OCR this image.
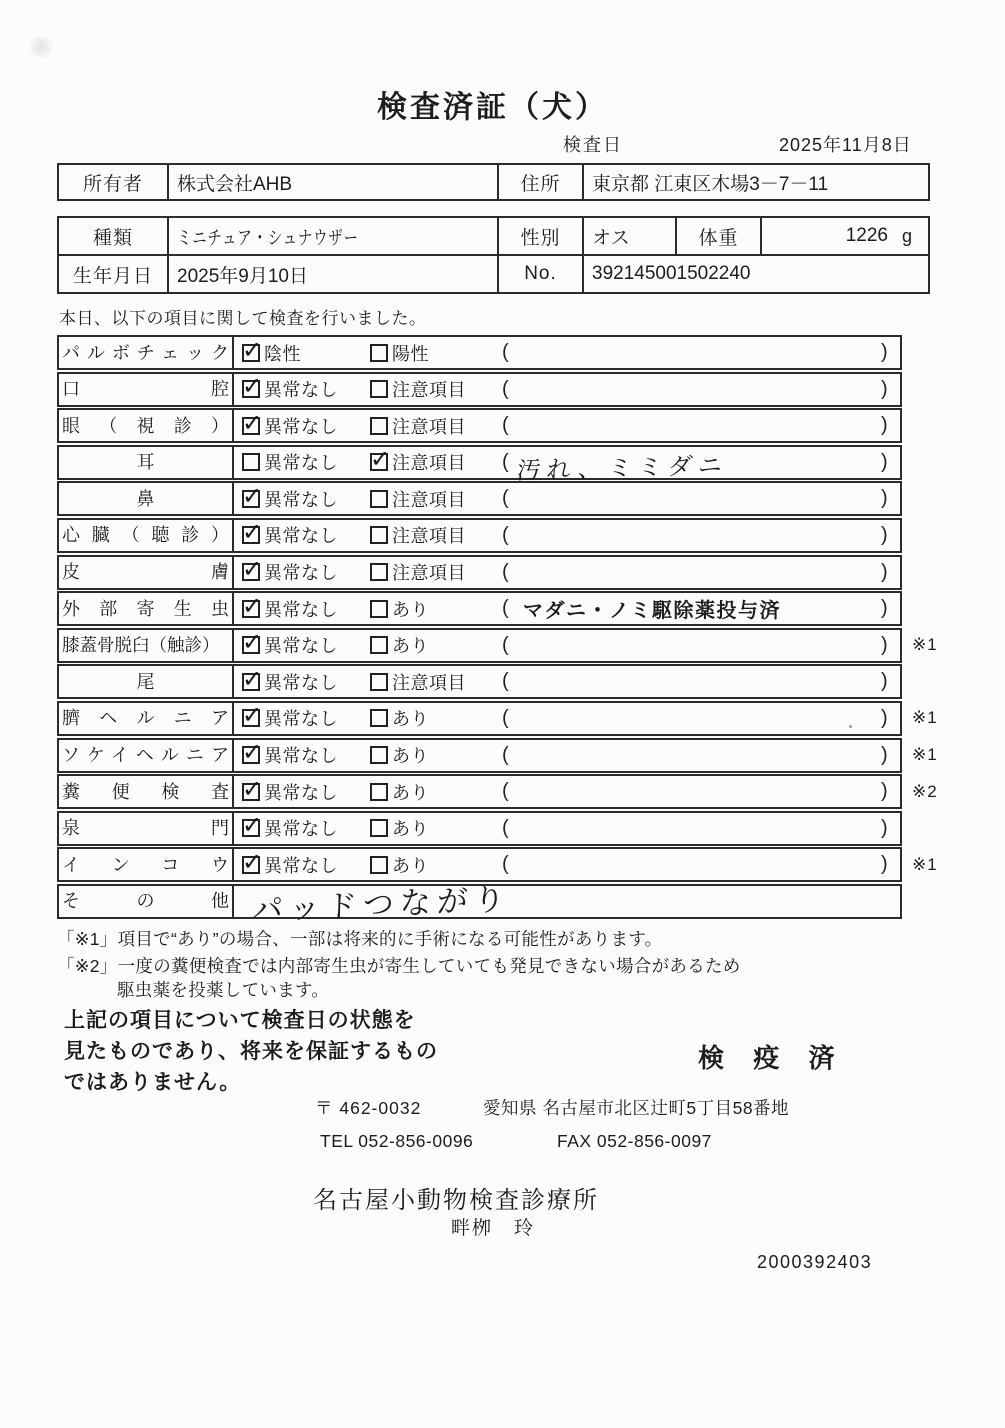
検査済証（犬）
検査日	2025年11月8日
所有者	株式会社AHB	住所	東京都 江東区木場3－7－11
種類	ミニチュア・シュナウザー	性別	オス	体重	1226 g
生年月日	2025年9月10日	No.	392145001502240
本日、以下の項目に関して検査を行いました。
パルボチェック ✓ 陰性	陽性	(	)
口腔 ✓ 異常なし	注意項目 (	)
眼（視診） ✓ 異常なし	注意項目 (	)
耳	異常なし ✓	注意項目 ( 汚れ、ミミダニ	)
鼻 ✓	異常なし	注意項目 (	)
心臓（聴診） ✓ 異常なし	注意項目 (	)
皮膚 ✓ 異常なし	注意項目 (	)
外部寄生虫 ✓ 異常なし	あり	( マダニ・ノミ駆除薬投与済	)
膝蓋骨脱臼（触診） ✓	異常なし	あり	(	) ※1
尾 ✓	異常なし	注意項目 (	)
臍ヘルニア ✓ 異常なし	あり	(	) ※1
ソケイヘルニア ✓ 異常なし	あり	(	) ※1
糞便検査 ✓ 異常なし	あり	(	) ※2
泉門 ✓ 異常なし	あり	(	)
インコウ ✓ 異常なし	あり	(	) ※1
その他 パッドつながり
「※1」項目で“あり”の場合、一部は将来的に手術になる可能性があります。
「※2」一度の糞便検査では内部寄生虫が寄生していても発見できない場合があるため
駆虫薬を投薬しています。
上記の項目について検査日の状態を
見たものであり、将来を保証するもの
ではありません。
検 疫 済
〒 462-0032	愛知県 名古屋市北区辻町5丁目58番地
TEL 052-856-0096	FAX 052-856-0097
名古屋小動物検査診療所
畔栁　玲
2000392403
